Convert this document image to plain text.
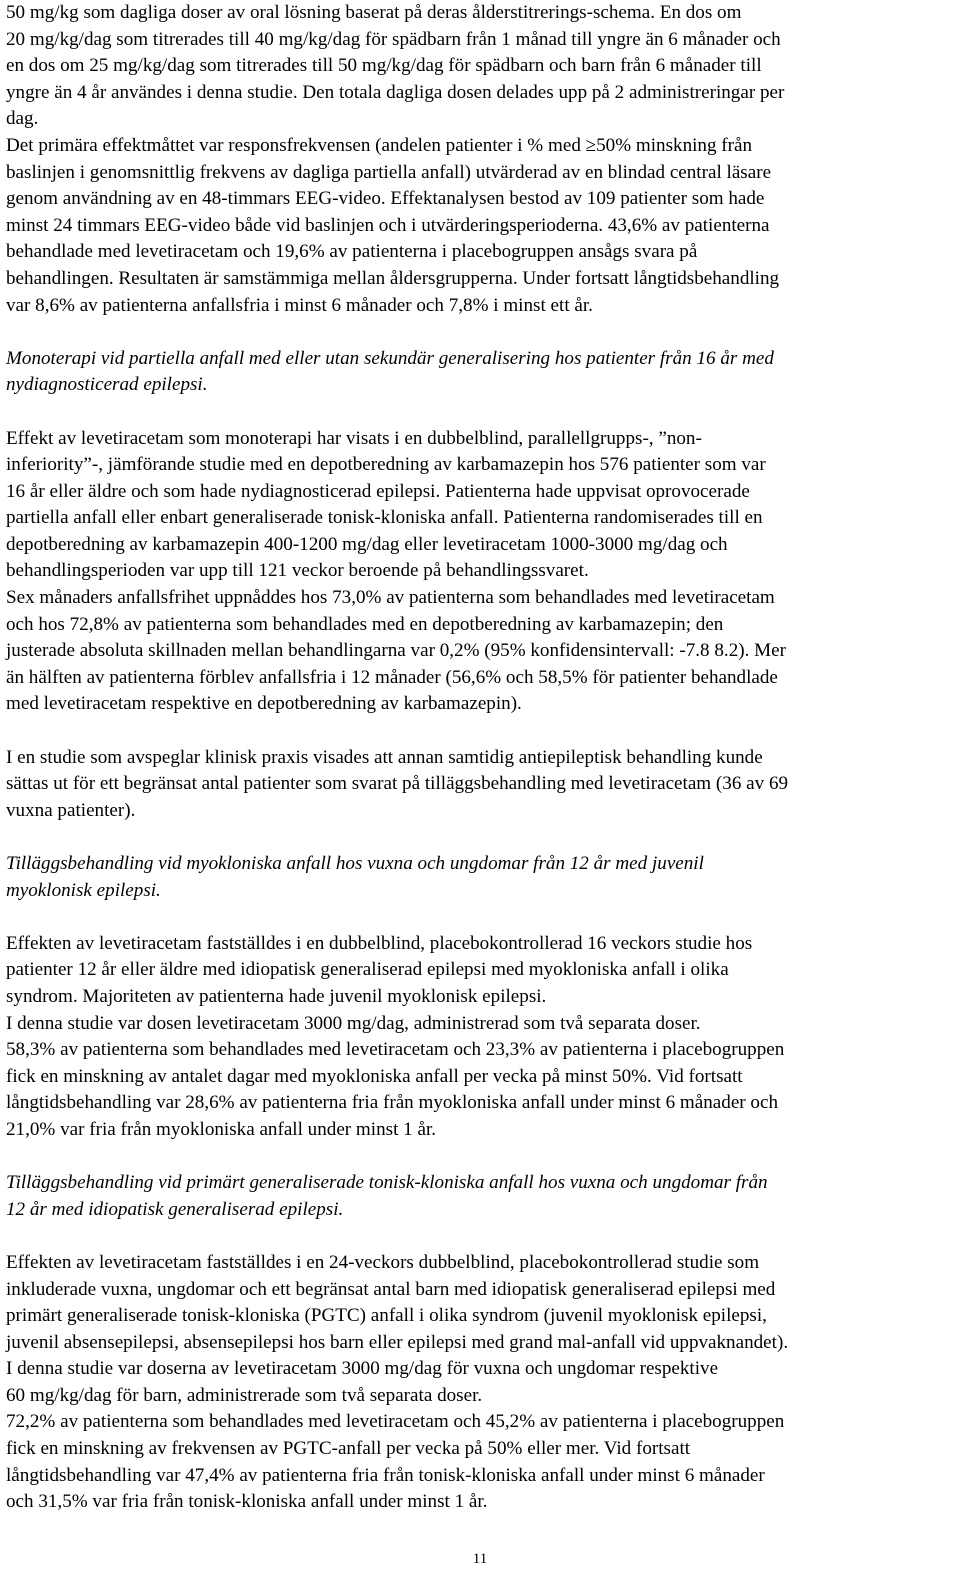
50 mg/kg som dagliga doser av oral lösning baserat på deras ålderstitrerings-schema. En dos om
20 mg/kg/dag som titrerades till 40 mg/kg/dag för spädbarn från 1 månad till yngre än 6 månader och
en dos om 25 mg/kg/dag som titrerades till 50 mg/kg/dag för spädbarn och barn från 6 månader till
yngre än 4 år användes i denna studie. Den totala dagliga dosen delades upp på 2 administreringar per
dag.

Det primära effektmåttet var responsfrekvensen (andelen patienter i % med ≥50% minskning från
baslinjen i genomsnittlig frekvens av dagliga partiella anfall) utvärderad av en blindad central läsare
genom användning av en 48-timmars EEG-video. Effektanalysen bestod av 109 patienter som hade
minst 24 timmars EEG-video både vid baslinjen och i utvärderingsperioderna. 43,6% av patienterna
behandlade med levetiracetam och 19,6% av patienterna i placebogruppen ansågs svara på
behandlingen. Resultaten är samstämmiga mellan åldersgrupperna. Under fortsatt långtidsbehandling
var 8,6% av patienterna anfallsfria i minst 6 månader och 7,8% i minst ett år.

Monoterapi vid partiella anfall med eller utan sekundär generalisering hos patienter från 16 år med
nydiagnosticerad epilepsi.

Effekt av levetiracetam som monoterapi har visats i en dubbelblind, parallellgrupps-, ”non-
inferiority”-, jämförande studie med en depotberedning av karbamazepin hos 576 patienter som var
16 år eller äldre och som hade nydiagnosticerad epilepsi. Patienterna hade uppvisat oprovocerade
partiella anfall eller enbart generaliserade tonisk-kloniska anfall. Patienterna randomiserades till en
depotberedning av karbamazepin 400-1200 mg/dag eller levetiracetam 1000-3000 mg/dag och
behandlingsperioden var upp till 121 veckor beroende på behandlingssvaret.

Sex månaders anfallsfrihet uppnåddes hos 73,0% av patienterna som behandlades med levetiracetam
och hos 72,8% av patienterna som behandlades med en depotberedning av karbamazepin; den
justerade absoluta skillnaden mellan behandlingarna var 0,2% (95% konfidensintervall: -7.8 8.2). Mer
än hälften av patienterna förblev anfallsfria i 12 månader (56,6% och 58,5% för patienter behandlade
med levetiracetam respektive en depotberedning av karbamazepin).

I en studie som avspeglar klinisk praxis visades att annan samtidig antiepileptisk behandling kunde
sättas ut för ett begränsat antal patienter som svarat på tilläggsbehandling med levetiracetam (36 av 69
vuxna patienter).

Tilläggsbehandling vid myokloniska anfall hos vuxna och ungdomar från 12 år med juvenil
myoklonisk epilepsi.

Effekten av levetiracetam fastställdes i en dubbelblind, placebokontrollerad 16 veckors studie hos
patienter 12 år eller äldre med idiopatisk generaliserad epilepsi med myokloniska anfall i olika
syndrom. Majoriteten av patienterna hade juvenil myoklonisk epilepsi.

I denna studie var dosen levetiracetam 3000 mg/dag, administrerad som två separata doser.

58,3% av patienterna som behandlades med levetiracetam och 23,3% av patienterna i placebogruppen
fick en minskning av antalet dagar med myokloniska anfall per vecka på minst 50%. Vid fortsatt
långtidsbehandling var 28,6% av patienterna fria från myokloniska anfall under minst 6 månader och
21,0% var fria från myokloniska anfall under minst 1 år.

Tilläggsbehandling vid primärt generaliserade tonisk-kloniska anfall hos vuxna och ungdomar från
12 år med idiopatisk generaliserad epilepsi.

Effekten av levetiracetam fastställdes i en 24-veckors dubbelblind, placebokontrollerad studie som
inkluderade vuxna, ungdomar och ett begränsat antal barn med idiopatisk generaliserad epilepsi med
primärt generaliserade tonisk-kloniska (PGTC) anfall i olika syndrom (juvenil myoklonisk epilepsi,
juvenil absensepilepsi, absensepilepsi hos barn eller epilepsi med grand mal-anfall vid uppvaknandet).

I denna studie var doserna av levetiracetam 3000 mg/dag för vuxna och ungdomar respektive
60 mg/kg/dag för barn, administrerade som två separata doser.

72,2% av patienterna som behandlades med levetiracetam och 45,2% av patienterna i placebogruppen
fick en minskning av frekvensen av PGTC-anfall per vecka på 50% eller mer. Vid fortsatt
långtidsbehandling var 47,4% av patienterna fria från tonisk-kloniska anfall under minst 6 månader
och 31,5% var fria från tonisk-kloniska anfall under minst 1 år.

11
